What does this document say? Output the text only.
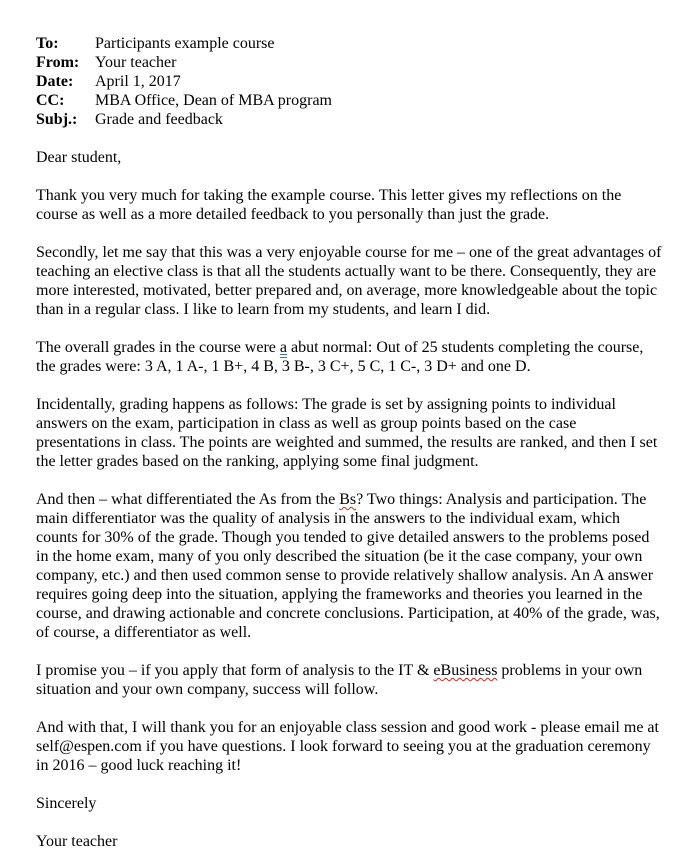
To:	Participants example course
From: Your teacher
Date:	April 1, 2017
CC:	MBA Office, Dean of MBA program
Subj.:	Grade and feedback

Dear student,

Thank you very much for taking the example course. This letter gives my reflections on the course as well as a more detailed feedback to you personally than just the grade.

Secondly, let me say that this was a very enjoyable course for me – one of the great advantages of teaching an elective class is that all the students actually want to be there. Consequently, they are more interested, motivated, better prepared and, on average, more knowledgeable about the topic than in a regular class. I like to learn from my students, and learn I did.

The overall grades in the course were a abut normal: Out of 25 students completing the course, the grades were: 3 A, 1 A-, 1 B+, 4 B, 3 B-, 3 C+, 5 C, 1 C-, 3 D+ and one D.

Incidentally, grading happens as follows: The grade is set by assigning points to individual answers on the exam, participation in class as well as group points based on the case presentations in class. The points are weighted and summed, the results are ranked, and then I set the letter grades based on the ranking, applying some final judgment.

And then – what differentiated the As from the Bs? Two things: Analysis and participation. The main differentiator was the quality of analysis in the answers to the individual exam, which counts for 30% of the grade. Though you tended to give detailed answers to the problems posed in the home exam, many of you only described the situation (be it the case company, your own company, etc.) and then used common sense to provide relatively shallow analysis. An A answer requires going deep into the situation, applying the frameworks and theories you learned in the course, and drawing actionable and concrete conclusions. Participation, at 40% of the grade, was, of course, a differentiator as well.

I promise you – if you apply that form of analysis to the IT & eBusiness problems in your own situation and your own company, success will follow.

And with that, I will thank you for an enjoyable class session and good work - please email me at self@espen.com if you have questions. I look forward to seeing you at the graduation ceremony in 2016 – good luck reaching it!

Sincerely

Your teacher
